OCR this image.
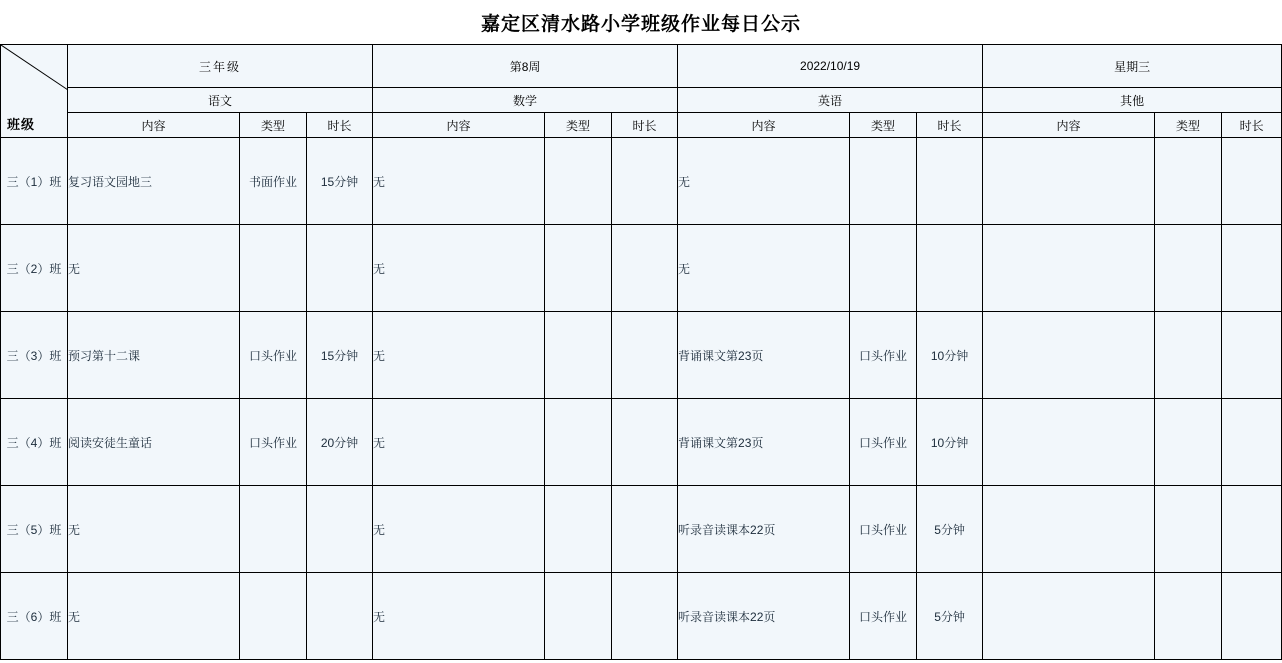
嘉定区清水路小学班级作业每日公示
班级	三年级			第8周			2022/10/19			星期三		
	语文			数学			英语			其他		
	内容	类型	时长	内容	类型	时长	内容	类型	时长	内容	类型	时长
三（1）班	复习语文园地三	书面作业	15分钟	无			无					
三（2）班	无			无			无					
三（3）班	预习第十二课	口头作业	15分钟	无			背诵课文第23页	口头作业	10分钟			
三（4）班	阅读安徒生童话	口头作业	20分钟	无			背诵课文第23页	口头作业	10分钟			
三（5）班	无			无			听录音读课本22页	口头作业	5分钟			
三（6）班	无			无			听录音读课本22页	口头作业	5分钟			
